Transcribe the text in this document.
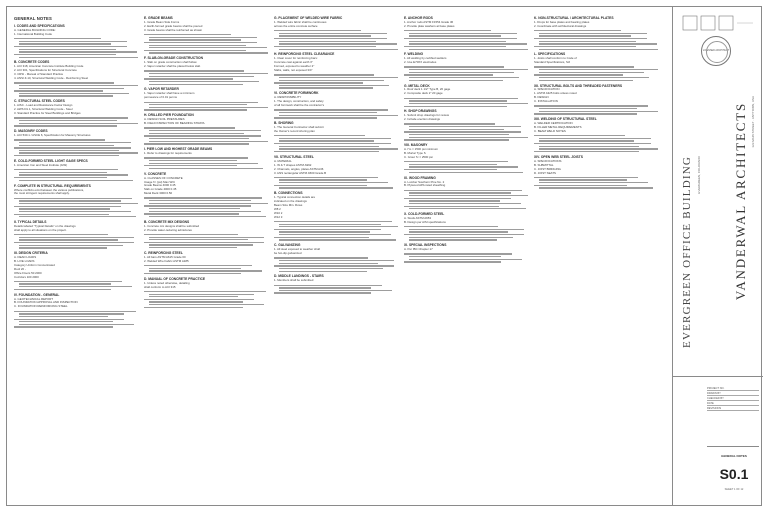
GENERAL NOTES
I. CODES AND SPECIFICATIONS
A. GENERAL BUILDING CODE:
1. International Building Code
B. CONCRETE CODES
1. ACI 318, American Concrete Institute Building Code
2. ACI 301, Specifications for Structural Concrete
3. CRSI - Manual of Standard Practice
4. ANSI Z-10, Structural Welding Code - Reinforcing Steel
C. STRUCTURAL STEEL CODES
1. AISC - Load and Resistance Factor Design
2. AWS D1.1, Structural Welding Code - Steel
3. Standard Practice for Steel Buildings and Bridges
D. MASONRY CODES
1. ACI 530.1 / ASCE 6, Specification for Masonry Structures
E. COLD-FORMED STEEL LIGHT GAGE SPECS
1. American Iron and Steel Institute (AISI)
F. COMPLETE IN STRUCTURAL REQUIREMENTS
Where conflicts exist between the various publications,
the most stringent requirements shall apply.
II. TYPICAL DETAILS
Details labeled "Typical Details" on the drawings
shall apply to all situations on the project.
III. DESIGN CRITERIA
A. DEAD LOADS
B. LIVE LOADS
Category Uniform Concentrated
Roof 20 -
Office Floors 50 2000
Corridors 100 2000
IV. FOUNDATION - GENERAL
A. GEOTECHNICAL REPORT
B. FOUNDATION APPROVAL AND INSPECTION
C. FOUNDATION REINFORCING STEEL
E. GRADE BEAMS
1. Grade Beam Side Forms
2. Earth-formed grade beams shall be poured
3. Grade beams shall be reinforced as shown
F. SLAB-ON-GRADE CONSTRUCTION
1. Slab on grade construction shall follow
2. Vapor retarder shall be placed below slab
G. VAPOR RETARDER
1. Vapor retarder shall have a minimum
permeance of 0.01 perms
H. DRILLED PIER FOUNDATION
A. DESIGN SOIL PRESSURES
B. FIELD INSPECTION OF BEARING STRATA
I. PIER LOW AND HIGHEST GRADE BEAMS
1. Refer to drawings for requirements
V. CONCRETE
A. CLASSES OF CONCRETE
Usage f'c (psi) Max W/C
Grade Beams 4000 0.45
Slab on Grade 4000 0.45
Metal Deck 3000 0.50
B. CONCRETE MIX DESIGNS
1. Concrete mix designs shall be submitted
2. Provide water-reducing admixtures
C. REINFORCING STEEL
1. All bars ASTM A615 Grade 60
2. Welded Wire Fabric ASTM A185
D. MANUAL OF CONCRETE PRACTICE
1. Unless noted otherwise, detailing
shall conform to ACI 315
G. PLACEMENT OF WELDED WIRE FABRIC
1. Welded wire fabric shall be continuous
across the entire concrete surface
H. REINFORCING STEEL CLEARANCE
1. Clear cover for reinforcing bars:
Concrete cast against earth 3"
Formed, exposed to weather 2"
Slabs, walls, not exposed 3/4"
VI. CONCRETE FORMWORK
A. RESPONSIBILITY
1. The design, construction, and safety
of all formwork shall be the contractor's
B. SHORING
1. The General Contractor shall submit
the Owner's record shoring plan
VII. STRUCTURAL STEEL
A. MATERIAL
1. W & T shapes ASTM A992
2. Channels, angles, plates ASTM A36
3. HSS rectangular ASTM A500 Grade B
B. CONNECTIONS
1. Typical connection details are
indicated on the drawings
Beam Size Min. Rows
W8 2
W10 2
W12 3
C. GALVANIZING
1. All steel exposed to weather shall
be hot-dip galvanized
D. MIDDLE LANDINGS - STAIRS
1. Members shall be submitted
E. ANCHOR RODS
1. Anchor rods ASTM F1554 Grade 36
2. Provide plate washers at base plates
F. WELDING
1. All welding by certified welders
2. Use E70XX electrodes
G. METAL DECK
1. Roof deck 1 1/2" Type B, 20 gage
2. Composite deck 2" 20 gage
H. SHOP DRAWINGS
1. Submit shop drawings for review
2. Include erection drawings
VIII. MASONRY
A. f'm = 1500 psi minimum
B. Mortar Type S
C. Grout f'c = 2500 psi
IX. WOOD FRAMING
A. Lumber Southern Pine No. 2
B. Plywood APA rated sheathing
X. COLD-FORMED STEEL
A. Studs ASTM A653
B. Design per AISI specifications
XI. SPECIAL INSPECTIONS
A. Per IBC Chapter 17
K. NON-STRUCTURAL / ARCHITECTURAL PLATES
1. Drops for base plates and bearing plates
2. Coordinate with architectural drawings
L. SPECIFICATIONS
1. Joists shall conform to Code of
Standard Specifications, SJI
XII. STRUCTURAL BOLTS AND THREADED FASTENERS
A. SPECIFICATION
1. ASTM A325 bolts unless noted
B. DESIGN
C. INSTALLATION
XIII. WELDING OF STRUCTURAL STEEL
A. WELDER CERTIFICATION
B. FILLER METAL REQUIREMENTS
C. BEAM WELD NOTES
XIV. OPEN WEB STEEL JOISTS
A. SPECIFICATIONS
B. SUBMITTAL
C. JOIST BRIDGING
D. JOIST SEATS
LICENSED ARCHITECT
VANDERWAL ARCHITECTS	123 MAIN STREET · ANYTOWN, USA
EVERGREEN OFFICE BUILDING EVERGREEN, COLORADO
PROJECT NO.
DRAWN BY
CHECKED BY
DATE
REVISIONS
GENERAL NOTES
S0.1
SHEET 1 OF 12
